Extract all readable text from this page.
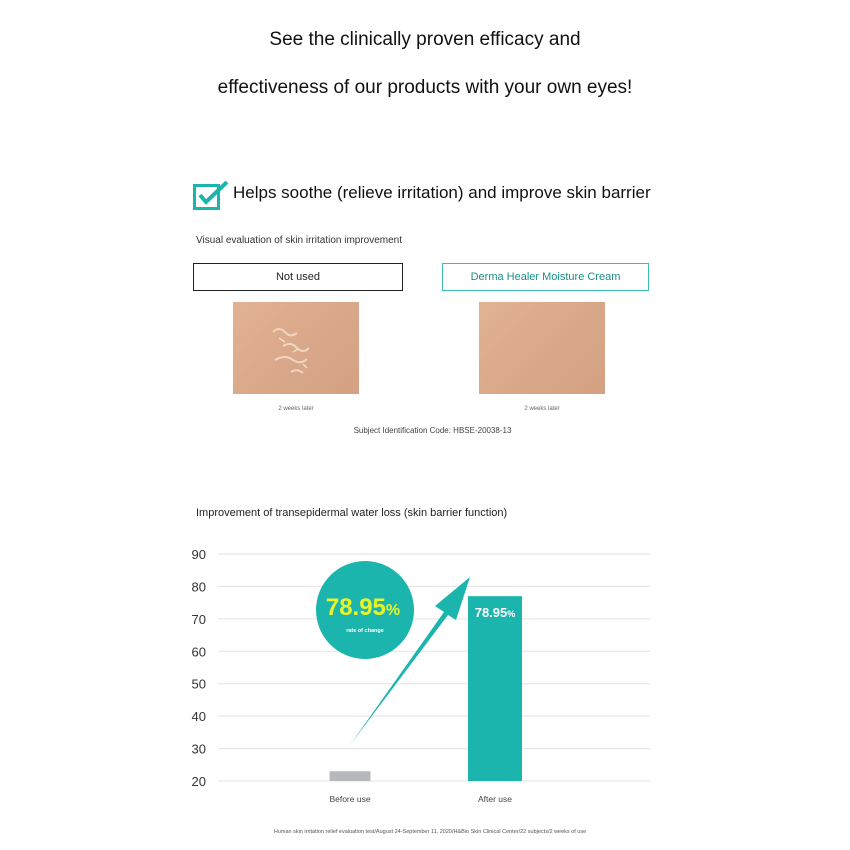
See the clinically proven efficacy and
effectiveness of our products with your own eyes!
Helps soothe (relieve irritation) and improve skin barrier
Visual evaluation of skin irritation improvement
Not used	Derma Healer Moisture Cream
2 weeks later	2 weeks later
Subject Identification Code: HBSE-20038-13
Improvement of transepidermal water loss (skin barrier function)
90
80
70
60
50
40
30
20
Before use	After use
78.95%
78.95%
rate of change
Human skin irritation relief evaluation test/August 24-September 11, 2020/H&Bio Skin Clinical Center/22 subjects/2 weeks of use
